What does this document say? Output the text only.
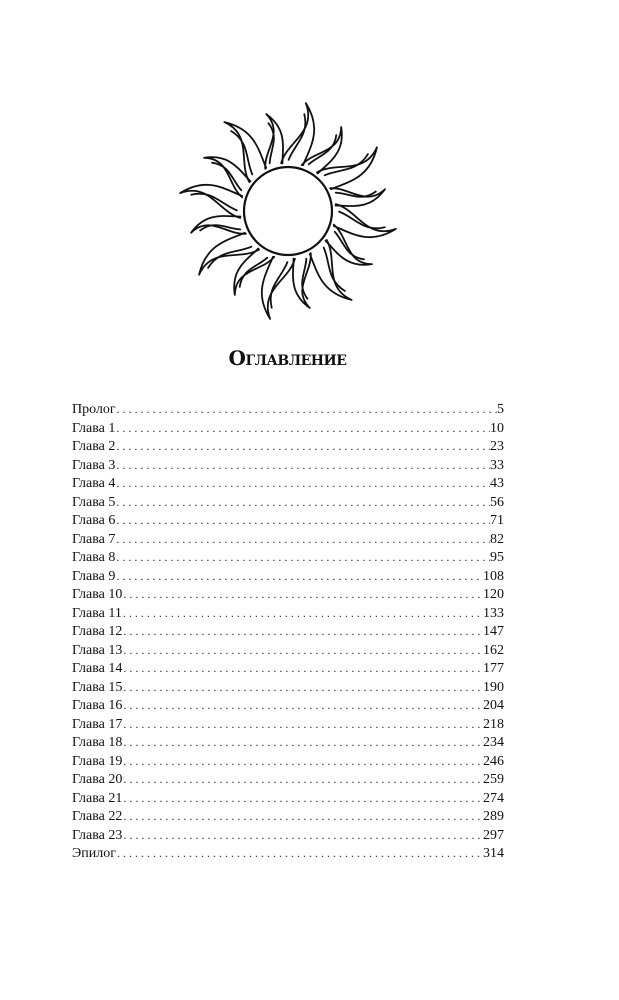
Оглавление
Пролог . . .	5
Глава 1 . . .	10
Глава 2 . . .	23
Глава 3 . . .	33
Глава 4 . . .	43
Глава 5 . . .	56
Глава 6 . . .	71
Глава 7 . . .	82
Глава 8 . . .	95
Глава 9 . . .	108
Глава 10 . . .	120
Глава 11 . . .	133
Глава 12 . . .	147
Глава 13 . . .	162
Глава 14 . . .	177
Глава 15 . . .	190
Глава 16 . . .	204
Глава 17 . . .	218
Глава 18 . . .	234
Глава 19 . . .	246
Глава 20 . . .	259
Глава 21 . . .	274
Глава 22 . . .	289
Глава 23 . . .	297
Эпилог . . .	314
